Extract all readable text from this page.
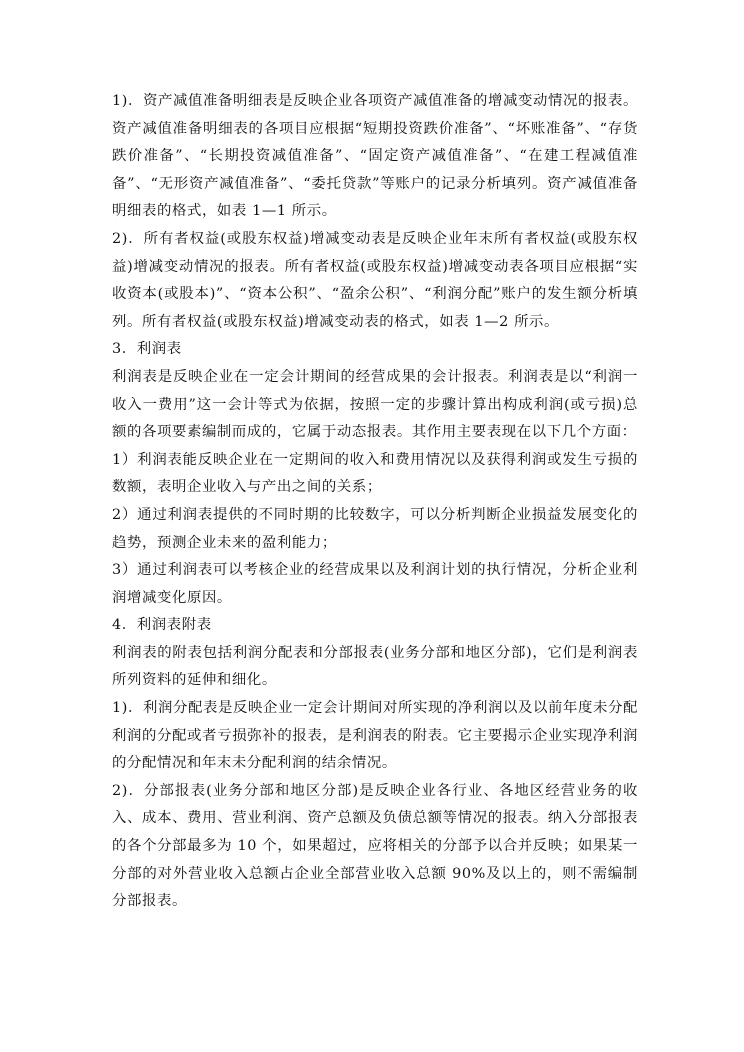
1)．资产减值准备明细表是反映企业各项资产减值准备的增减变动情况的报表。资产减值准备明细表的各项目应根据“短期投资跌价准备”、“坏账准备”、“存货跌价准备”、“长期投资减值准备”、“固定资产减值准备”、“在建工程减值准备”、“无形资产减值准备”、“委托贷款”等账户的记录分析填列。资产减值准备明细表的格式，如表 1—1 所示。

2)．所有者权益(或股东权益)增减变动表是反映企业年末所有者权益(或股东权益)增减变动情况的报表。所有者权益(或股东权益)增减变动表各项目应根据“实收资本(或股本)”、“资本公积”、“盈余公积”、“利润分配”账户的发生额分析填列。所有者权益(或股东权益)增减变动表的格式，如表 1—2 所示。

3．利润表

利润表是反映企业在一定会计期间的经营成果的会计报表。利润表是以“利润一收入一费用”这一会计等式为依据，按照一定的步骤计算出构成利润(或亏损)总额的各项要素编制而成的，它属于动态报表。其作用主要表现在以下几个方面：

1）利润表能反映企业在一定期间的收入和费用情况以及获得利润或发生亏损的数额，表明企业收入与产出之间的关系；

2）通过利润表提供的不同时期的比较数字，可以分析判断企业损益发展变化的趋势，预测企业未来的盈利能力；

3）通过利润表可以考核企业的经营成果以及利润计划的执行情况，分析企业利润增减变化原因。

4．利润表附表

利润表的附表包括利润分配表和分部报表(业务分部和地区分部)，它们是利润表所列资料的延伸和细化。

1)．利润分配表是反映企业一定会计期间对所实现的净利润以及以前年度未分配利润的分配或者亏损弥补的报表，是利润表的附表。它主要揭示企业实现净利润的分配情况和年末未分配利润的结余情况。

2)．分部报表(业务分部和地区分部)是反映企业各行业、各地区经营业务的收入、成本、费用、营业利润、资产总额及负债总额等情况的报表。纳入分部报表的各个分部最多为 10 个，如果超过，应将相关的分部予以合并反映；如果某一分部的对外营业收入总额占企业全部营业收入总额 90%及以上的，则不需编制分部报表。
